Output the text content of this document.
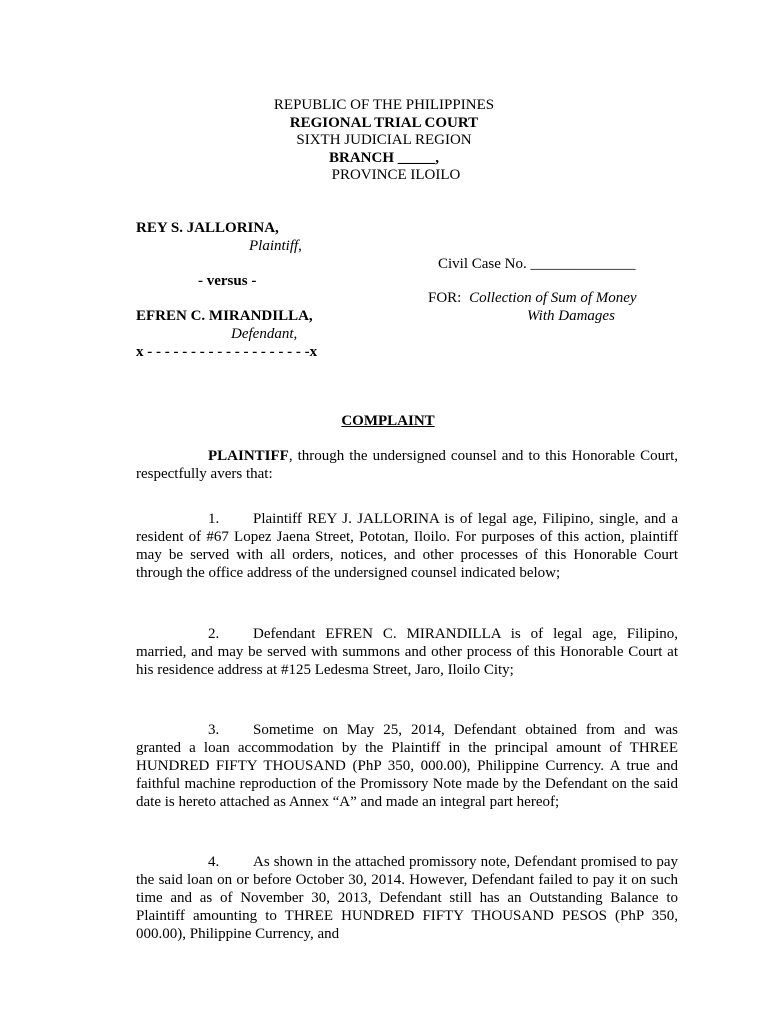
REPUBLIC OF THE PHILIPPINES
REGIONAL TRIAL COURT
SIXTH JUDICIAL REGION
BRANCH _____,
PROVINCE ILOILO
REY S. JALLORINA,
Plaintiff,
Civil Case No. ______________
- versus -
FOR: Collection of Sum of Money
With Damages
EFREN C. MIRANDILLA,
Defendant,
x - - - - - - - - - - - - - - - - - - -x
COMPLAINT
PLAINTIFF, through the undersigned counsel and to this Honorable Court, respectfully avers that:
1. Plaintiff REY J. JALLORINA is of legal age, Filipino, single, and a resident of #67 Lopez Jaena Street, Pototan, Iloilo. For purposes of this action, plaintiff may be served with all orders, notices, and other processes of this Honorable Court through the office address of the undersigned counsel indicated below;
2. Defendant EFREN C. MIRANDILLA is of legal age, Filipino, married, and may be served with summons and other process of this Honorable Court at his residence address at #125 Ledesma Street, Jaro, Iloilo City;
3. Sometime on May 25, 2014, Defendant obtained from and was granted a loan accommodation by the Plaintiff in the principal amount of THREE HUNDRED FIFTY THOUSAND (PhP 350, 000.00), Philippine Currency. A true and faithful machine reproduction of the Promissory Note made by the Defendant on the said date is hereto attached as Annex “A” and made an integral part hereof;
4. As shown in the attached promissory note, Defendant promised to pay the said loan on or before October 30, 2014. However, Defendant failed to pay it on such time and as of November 30, 2013, Defendant still has an Outstanding Balance to Plaintiff amounting to THREE HUNDRED FIFTY THOUSAND PESOS (PhP 350, 000.00), Philippine Currency, and
